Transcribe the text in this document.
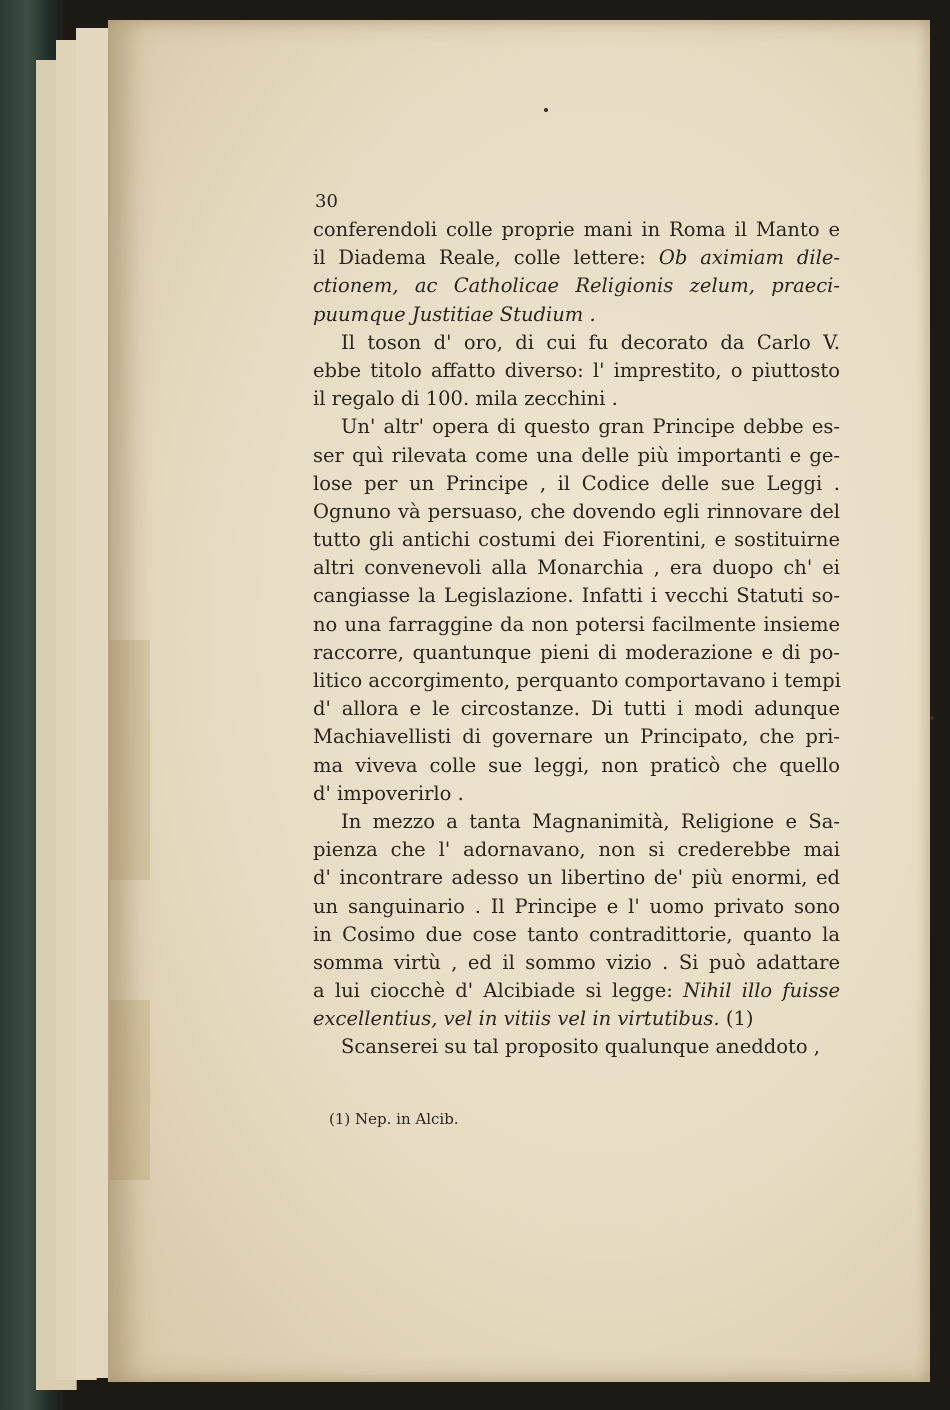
30
conferendoli colle proprie mani in Roma il Manto e
il Diadema Reale, colle lettere: Ob aximiam dile-
ctionem, ac Catholicae Religionis zelum, praeci-
puumque Justitiae Studium .
Il toson d' oro, di cui fu decorato da Carlo V.
ebbe titolo affatto diverso: l' imprestito, o piuttosto
il regalo di 100. mila zecchini .
Un' altr' opera di questo gran Principe debbe es-
ser quì rilevata come una delle più importanti e ge-
lose per un Principe , il Codice delle sue Leggi .
Ognuno và persuaso, che dovendo egli rinnovare del
tutto gli antichi costumi dei Fiorentini, e sostituirne
altri convenevoli alla Monarchia , era duopo ch' ei
cangiasse la Legislazione. Infatti i vecchi Statuti so-
no una farraggine da non potersi facilmente insieme
raccorre, quantunque pieni di moderazione e di po-
litico accorgimento, perquanto comportavano i tempi
d' allora e le circostanze. Di tutti i modi adunque
Machiavellisti di governare un Principato, che pri-
ma viveva colle sue leggi, non praticò che quello
d' impoverirlo .
In mezzo a tanta Magnanimità, Religione e Sa-
pienza che l' adornavano, non si crederebbe mai
d' incontrare adesso un libertino de' più enormi, ed
un sanguinario . Il Principe e l' uomo privato sono
in Cosimo due cose tanto contradittorie, quanto la
somma virtù , ed il sommo vizio . Si può adattare
a lui ciocchè d' Alcibiade si legge: Nihil illo fuisse
excellentius, vel in vitiis vel in virtutibus. (1)
Scanserei su tal proposito qualunque aneddoto ,
(1) Nep. in Alcib.
